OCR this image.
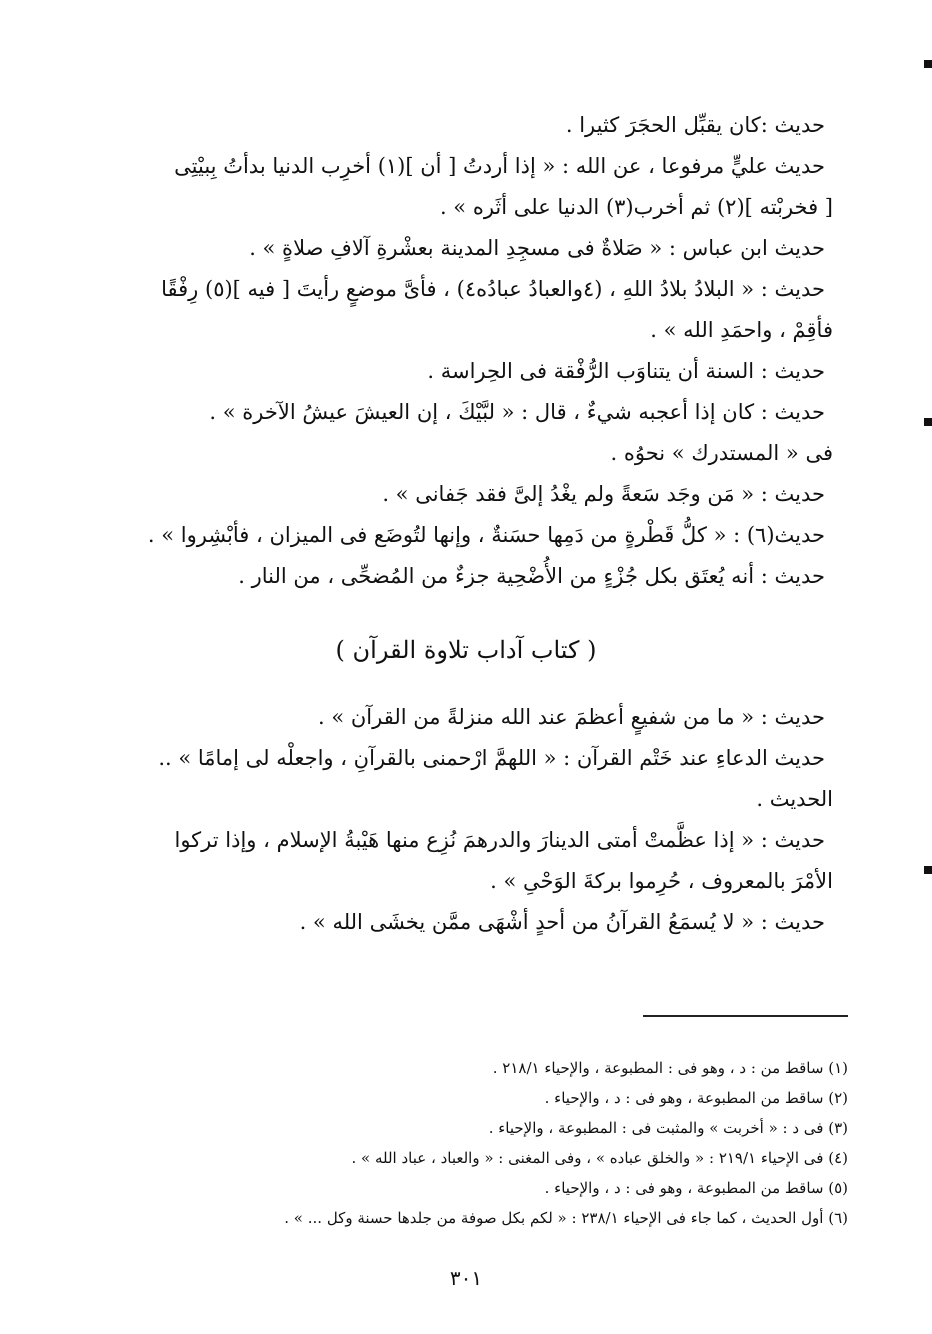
حديث :كان يقبِّل الحجَرَ كثيرا .
حديث عليٍّ مرفوعا ، عن الله : « إذا أردتُ [ أن ](١) أخرِب الدنيا بدأتُ بِبيْتِى
[ فخربْته ](٢) ثم أخرب(٣) الدنيا على أثَره » .
حديث ابن عباس : « صَلاةٌ فى مسجِدِ المدينة بعشْرةِ آلافِ صلاةٍ » .
حديث : « البلادُ بلادُ اللهِ ، (٤والعبادُ عبادُه٤) ، فأىَّ موضعٍ رأيتَ [ فيه ](٥) رِفْقًا
فأقِمْ ، واحمَدِ الله » .
حديث : السنة أن يتناوَب الرُّفْقة فى الحِراسة .
حديث : كان إذا أعجبه شيءٌ ، قال : « لبَّيْكَ ، إن العيشَ عيشُ الآخرة » .
فى « المستدرك » نحوُه .
حديث : « مَن وجَد سَعةً ولم يغْدُ إلىَّ فقد جَفانى » .
حديث(٦) : « كلُّ قَطْرةٍ من دَمِها حسَنةٌ ، وإنها لتُوضَع فى الميزان ، فأبْشِروا » .
حديث : أنه يُعتَق بكل جُزْءٍ من الأُضْحِية جزءٌ من المُضحِّى ، من النار .
( كتاب آداب تلاوة القرآن )
حديث : « ما من شفيعٍ أعظمَ عند الله منزلةً من القرآن » .
حديث الدعاءِ عند خَتْم القرآن : « اللهمَّ ارْحمنى بالقرآنِ ، واجعلْه لى إمامًا » ..
الحديث .
حديث : « إذا عظَّمتْ أمتى الدينارَ والدرهمَ نُزِع منها هَيْبةُ الإسلام ، وإذا تركوا
الأمْرَ بالمعروف ، حُرِموا بركةَ الوَحْىِ » .
حديث : « لا يُسمَعُ القرآنُ من أحدٍ أشْهَى ممَّن يخشَى الله » .
(١) ساقط من : د ، وهو فى : المطبوعة ، والإحياء ٢١٨/١ .
(٢) ساقط من المطبوعة ، وهو فى : د ، والإحياء .
(٣) فى د : « أخربت » والمثبت فى : المطبوعة ، والإحياء .
(٤) فى الإحياء ٢١٩/١ : « والخلق عباده » ، وفى المغنى : « والعباد ، عباد الله » .
(٥) ساقط من المطبوعة ، وهو فى : د ، والإحياء .
(٦) أول الحديث ، كما جاء فى الإحياء ٢٣٨/١ : « لكم بكل صوفة من جلدها حسنة وكل ... » .
٣٠١
